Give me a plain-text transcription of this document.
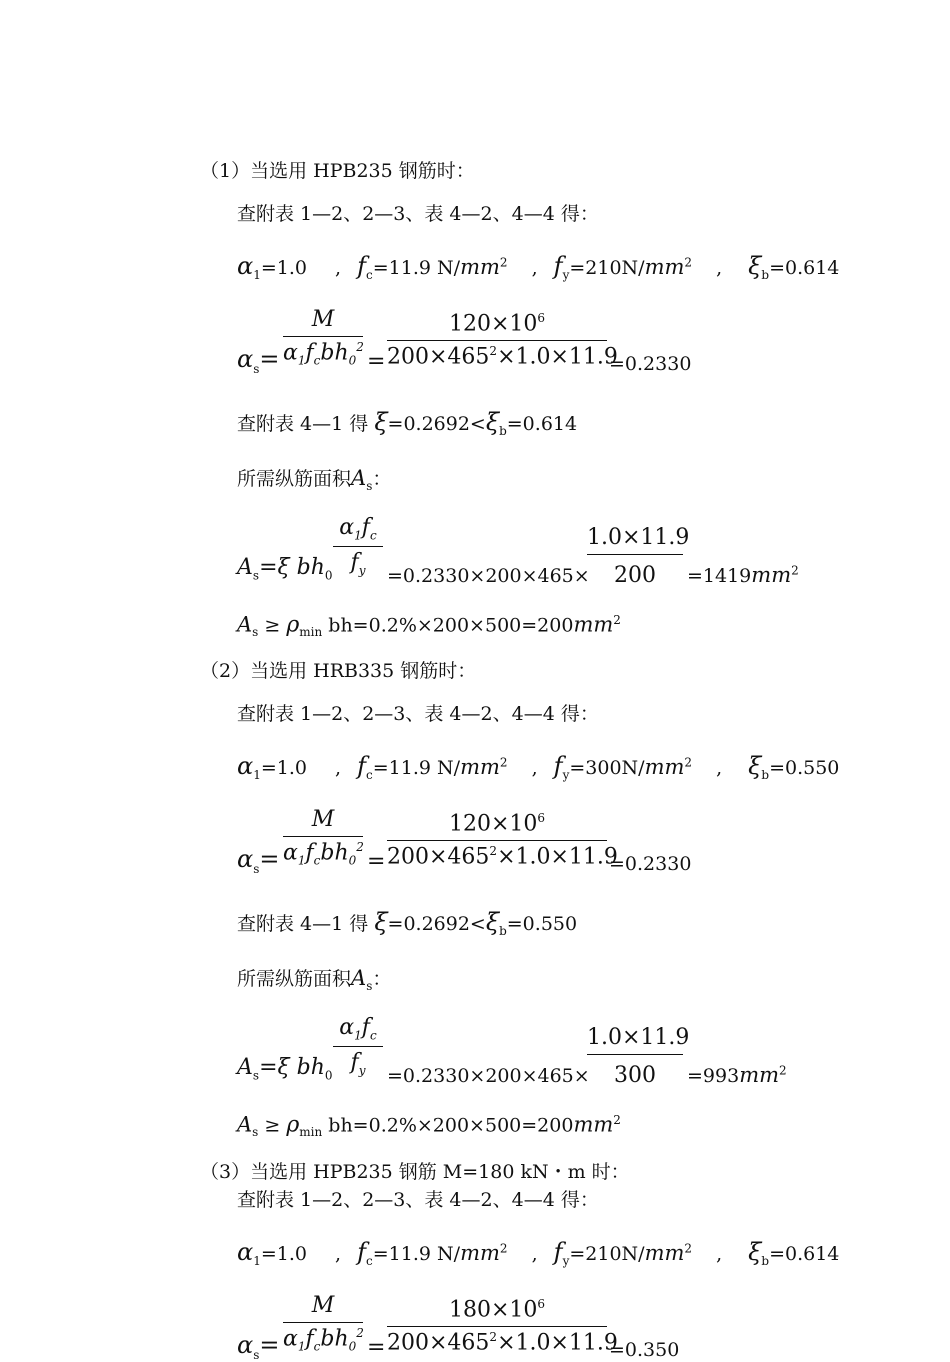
（1）当选用 HPB235 钢筋时：
查附表 1—2、2—3、表 4—2、4—4 得：
$\alpha_1=1.0$ , $f_c=11.9$ $N/mm^2$ , $f_y=210N/mm^2$ , $\xi_b=0.614$
$\alpha_s=$
M
$\alpha_1f_cbh_0^2$
=
$120\times 10^6$
$200\times 465^2\times 1.0\times 11.9$
=0.2330
查附表 4—1 得 $\xi=0.2692<\xi_b=0.614$
所需纵筋面积$A_s$：
$A_s=\xi$ $bh_0$
$\alpha_1f_c$
$f_y$	=0.2330×200×465×
$\frac{1.0\times 11.9}{200} =1419mm^2$
$A_s \ge \rho_{min}$ $bh=0.2\%\times 200\times 500=200mm^2$
（2）当选用 HRB335 钢筋时：
查附表 1—2、2—3、表 4—2、4—4 得：
$\alpha_1=1.0$ , $f_c=11.9$ $N/mm^2$ , $f_y=300N/mm^2$ , $\xi_b=0.550$
$\alpha_s=$
M
$\alpha_1f_cbh_0^2$
=
$120\times 10^6$
$200\times 465^2\times 1.0\times 11.9$
=0.2330
查附表 4—1 得 $\xi=0.2692<\xi_b=0.550$
所需纵筋面积$A_s$：
$A_s=\xi$ $bh_0$
$\alpha_1f_c$
$f_y$	=0.2330×200×465×
$\frac{1.0\times 11.9}{300} =993mm^2$
$A_s \ge \rho_{min}$ $bh=0.2\%\times 200\times 500=200mm^2$
（3）当选用 HPB235 钢筋 M=180 kN・m 时：
查附表 1—2、2—3、表 4—2、4—4 得：
$\alpha_1=1.0$ , $f_c=11.9$ $N/mm^2$ , $f_y=210N/mm^2$ , $\xi_b=0.614$
$\alpha_s=$
M
$\alpha_1f_cbh_0^2$
=
$180\times 10^6$
$200\times 465^2\times 1.0\times 11.9$
=0.350
